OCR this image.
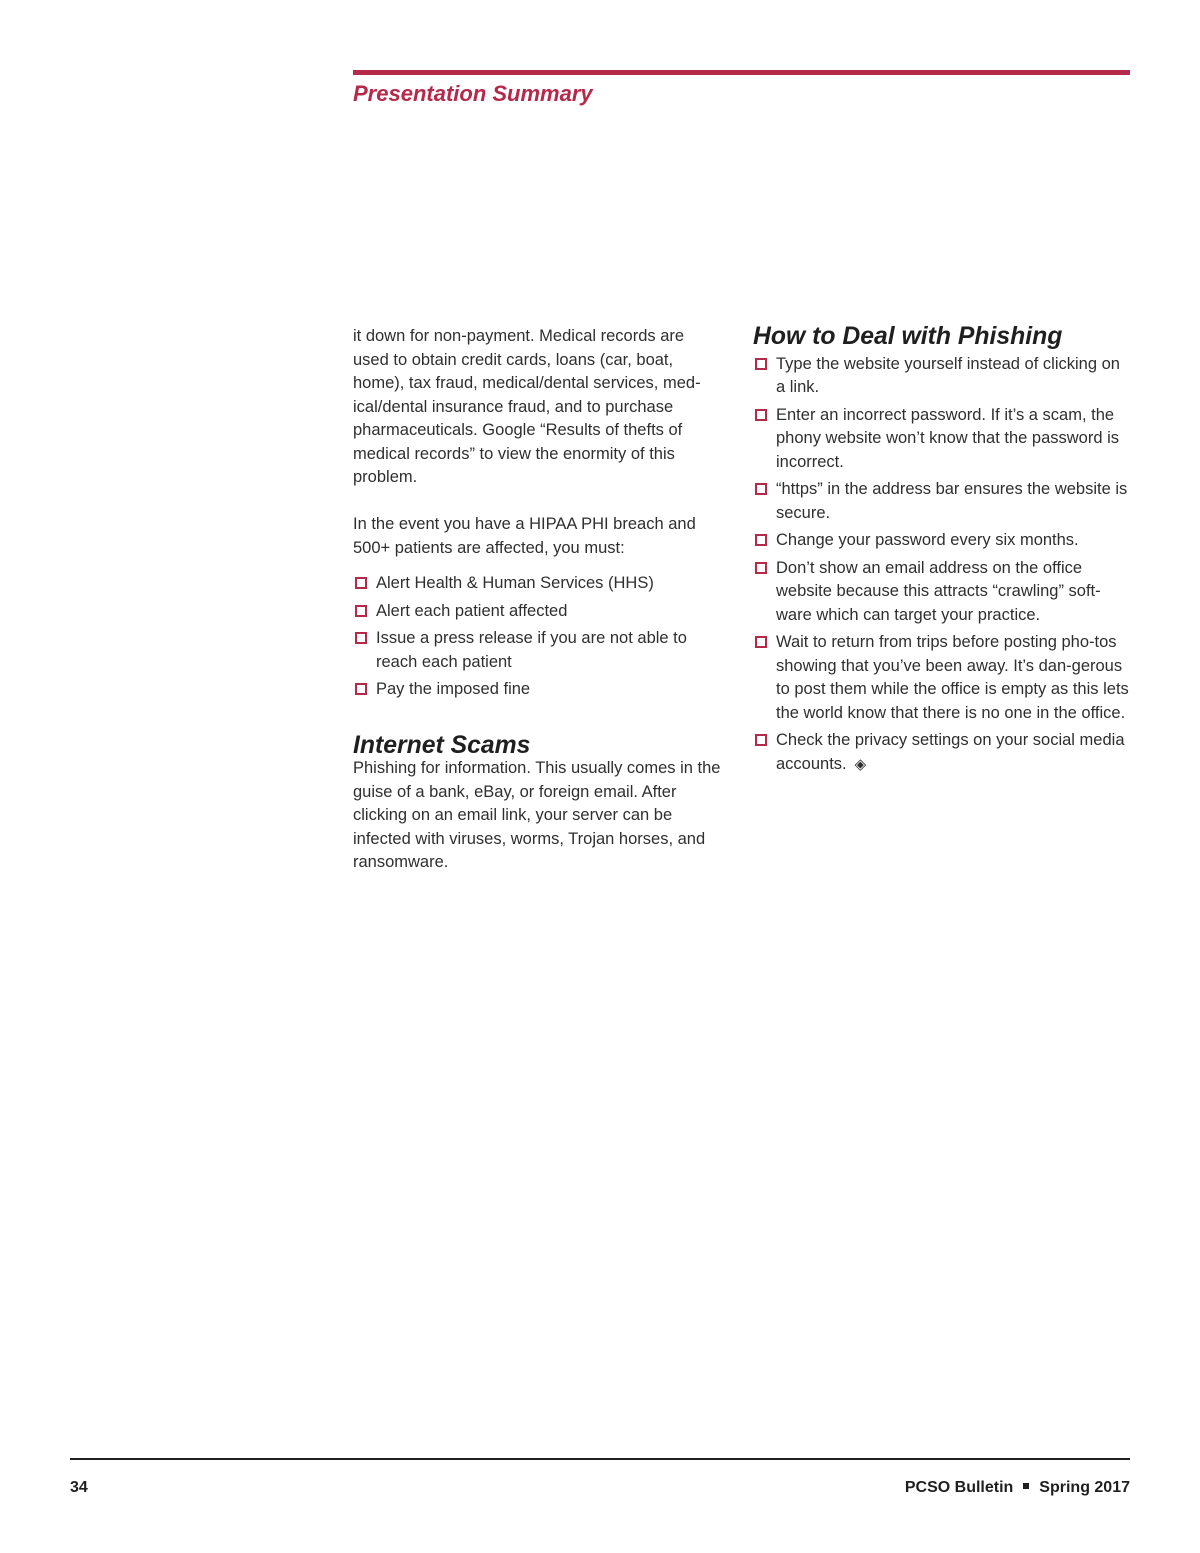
Presentation Summary

it down for non-payment. Medical records are used to obtain credit cards, loans (car, boat, home), tax fraud, medical/dental services, med-ical/dental insurance fraud, and to purchase pharmaceuticals. Google “Results of thefts of medical records” to view the enormity of this problem.

In the event you have a HIPAA PHI breach and 500+ patients are affected, you must:

Alert Health & Human Services (HHS)
Alert each patient affected
Issue a press release if you are not able to reach each patient
Pay the imposed fine
Internet Scams

Phishing for information. This usually comes in the guise of a bank, eBay, or foreign email. After clicking on an email link, your server can be infected with viruses, worms, Trojan horses, and ransomware.

How to Deal with Phishing
Type the website yourself instead of clicking on a link.
Enter an incorrect password. If it’s a scam, the phony website won’t know that the password is incorrect.
“https” in the address bar ensures the website is secure.
Change your password every six months.
Don’t show an email address on the office website because this attracts “crawling” soft-ware which can target your practice.
Wait to return from trips before posting pho-tos showing that you’ve been away. It’s dan-gerous to post them while the office is empty as this lets the world know that there is no one in the office.
Check the privacy settings on your social media accounts. ◈
34	PCSO Bulletin Spring 2017
